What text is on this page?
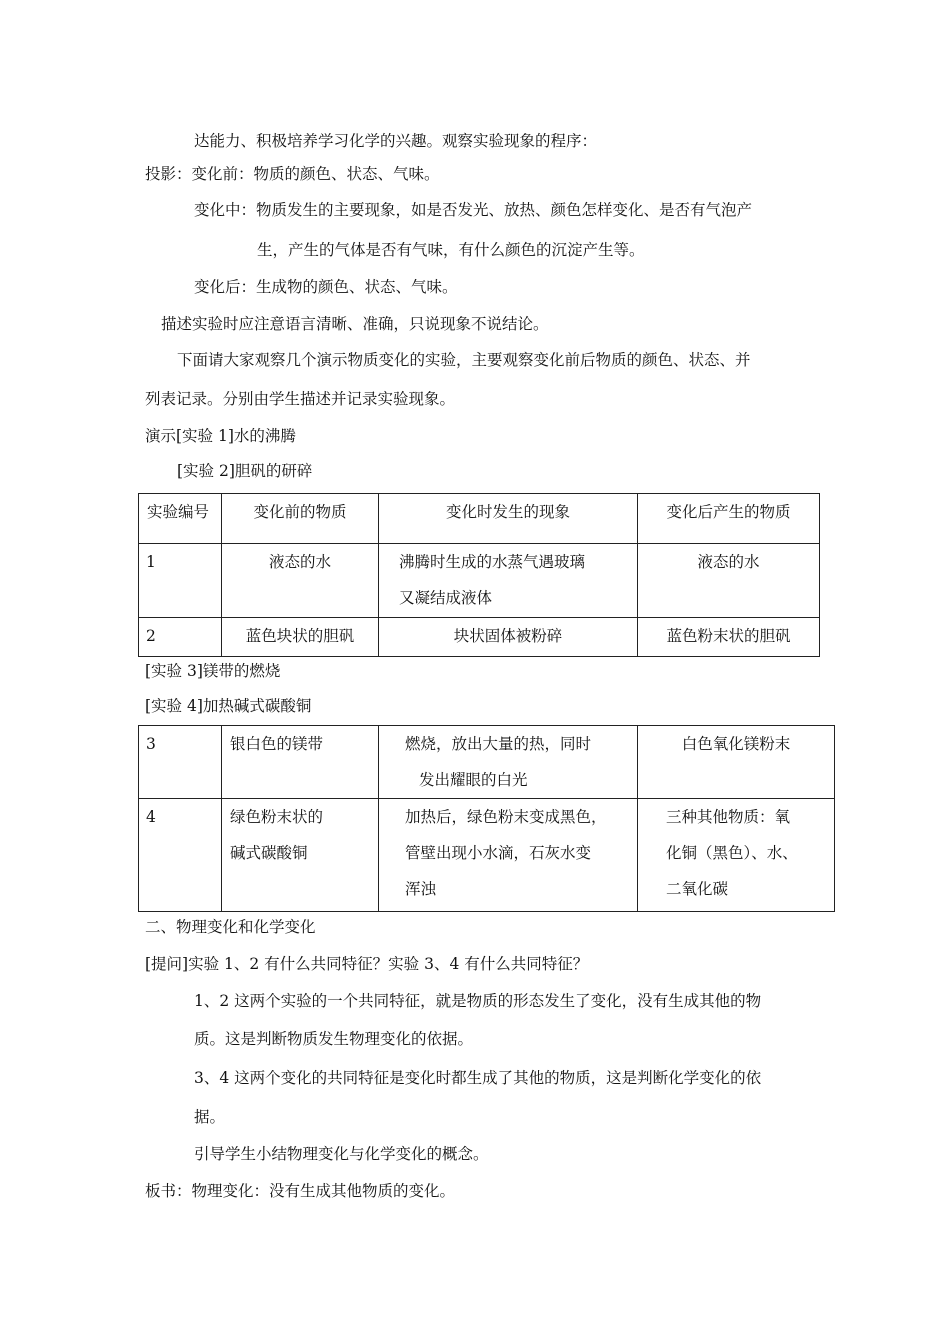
达能力、积极培养学习化学的兴趣。观察实验现象的程序：
投影：变化前：物质的颜色、状态、气味。
变化中：物质发生的主要现象，如是否发光、放热、颜色怎样变化、是否有气泡产
生，产生的气体是否有气味，有什么颜色的沉淀产生等。
变化后：生成物的颜色、状态、气味。
描述实验时应注意语言清晰、准确，只说现象不说结论。
下面请大家观察几个演示物质变化的实验，主要观察变化前后物质的颜色、状态、并
列表记录。分别由学生描述并记录实验现象。
演示[实验 1]水的沸腾
[实验 2]胆矾的研碎
实验编号	变化前的物质	变化时发生的现象	变化后产生的物质

1	液态的水	沸腾时生成的水蒸气遇玻璃
又凝结成液体	液态的水

2	蓝色块状的胆矾	块状固体被粉碎	蓝色粉末状的胆矾
[实验 3]镁带的燃烧
[实验 4]加热碱式碳酸铜
3	银白色的镁带	燃烧，放出大量的热，同时
发出耀眼的白光	白色氧化镁粉末

4	绿色粉末状的
碱式碳酸铜	加热后，绿色粉末变成黑色，
管壁出现小水滴，石灰水变
浑浊	三种其他物质：氧
化铜（黑色）、水、
二氧化碳
二、物理变化和化学变化
[提问]实验 1、2 有什么共同特征？实验 3、4 有什么共同特征？
1、2 这两个实验的一个共同特征，就是物质的形态发生了变化，没有生成其他的物
质。这是判断物质发生物理变化的依据。
3、4 这两个变化的共同特征是变化时都生成了其他的物质，这是判断化学变化的依
据。
引导学生小结物理变化与化学变化的概念。
板书：物理变化：没有生成其他物质的变化。
